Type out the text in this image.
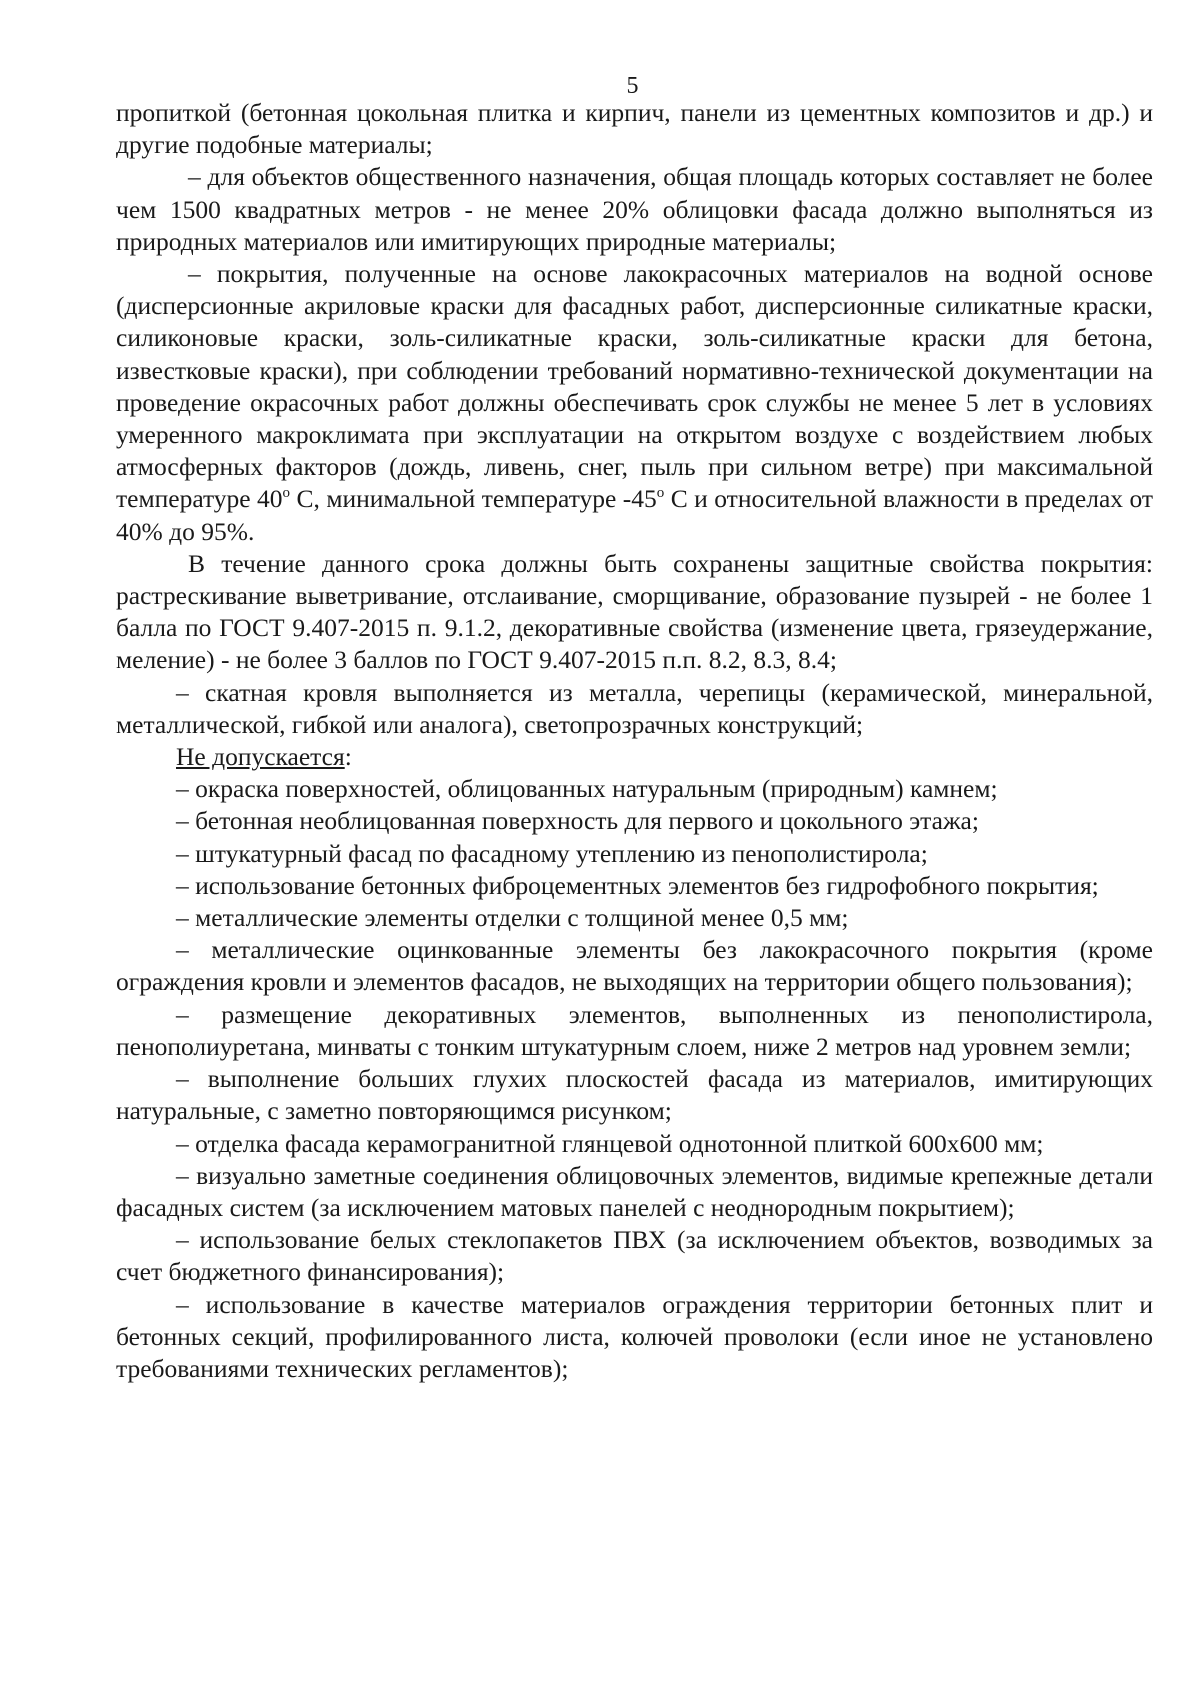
5

пропиткой (бетонная цокольная плитка и кирпич, панели из цементных композитов и др.) и другие подобные материалы;

– для объектов общественного назначения, общая площадь которых составляет не более чем 1500 квадратных метров - не менее 20% облицовки фасада должно выполняться из природных материалов или имитирующих природные материалы;

– покрытия, полученные на основе лакокрасочных материалов на водной основе (дисперсионные акриловые краски для фасадных работ, дисперсионные силикатные краски, силиконовые краски, золь-силикатные краски, золь-силикатные краски для бетона, известковые краски), при соблюдении требований нормативно-технической документации на проведение окрасочных работ должны обеспечивать срок службы не менее 5 лет в условиях умеренного макроклимата при эксплуатации на открытом воздухе с воздействием любых атмосферных факторов (дождь, ливень, снег, пыль при сильном ветре) при максимальной температуре 40$^o$ С, минимальной температуре -45$^o$ С и относительной влажности в пределах от 40% до 95%.

В течение данного срока должны быть сохранены защитные свойства покрытия: растрескивание выветривание, отслаивание, сморщивание, образование пузырей - не более 1 балла по ГОСТ 9.407-2015 п. 9.1.2, декоративные свойства (изменение цвета, грязеудержание, меление) - не более 3 баллов по ГОСТ 9.407-2015 п.п. 8.2, 8.3, 8.4;

– скатная кровля выполняется из металла, черепицы (керамической, минеральной, металлической, гибкой или аналога), светопрозрачных конструкций;

Не допускается:

– окраска поверхностей, облицованных натуральным (природным) камнем;

– бетонная необлицованная поверхность для первого и цокольного этажа;

– штукатурный фасад по фасадному утеплению из пенополистирола;

– использование бетонных фиброцементных элементов без гидрофобного покрытия;

– металлические элементы отделки с толщиной менее 0,5 мм;

– металлические оцинкованные элементы без лакокрасочного покрытия (кроме ограждения кровли и элементов фасадов, не выходящих на территории общего пользования);

– размещение декоративных элементов, выполненных из пенополистирола, пенополиуретана, минваты с тонким штукатурным слоем, ниже 2 метров над уровнем земли;

– выполнение больших глухих плоскостей фасада из материалов, имитирующих натуральные, с заметно повторяющимся рисунком;

– отделка фасада керамогранитной глянцевой однотонной плиткой 600х600 мм;

– визуально заметные соединения облицовочных элементов, видимые крепежные детали фасадных систем (за исключением матовых панелей с неоднородным покрытием);

– использование белых стеклопакетов ПВХ (за исключением объектов, возводимых за счет бюджетного финансирования);

– использование в качестве материалов ограждения территории бетонных плит и бетонных секций, профилированного листа, колючей проволоки (если иное не установлено требованиями технических регламентов);
